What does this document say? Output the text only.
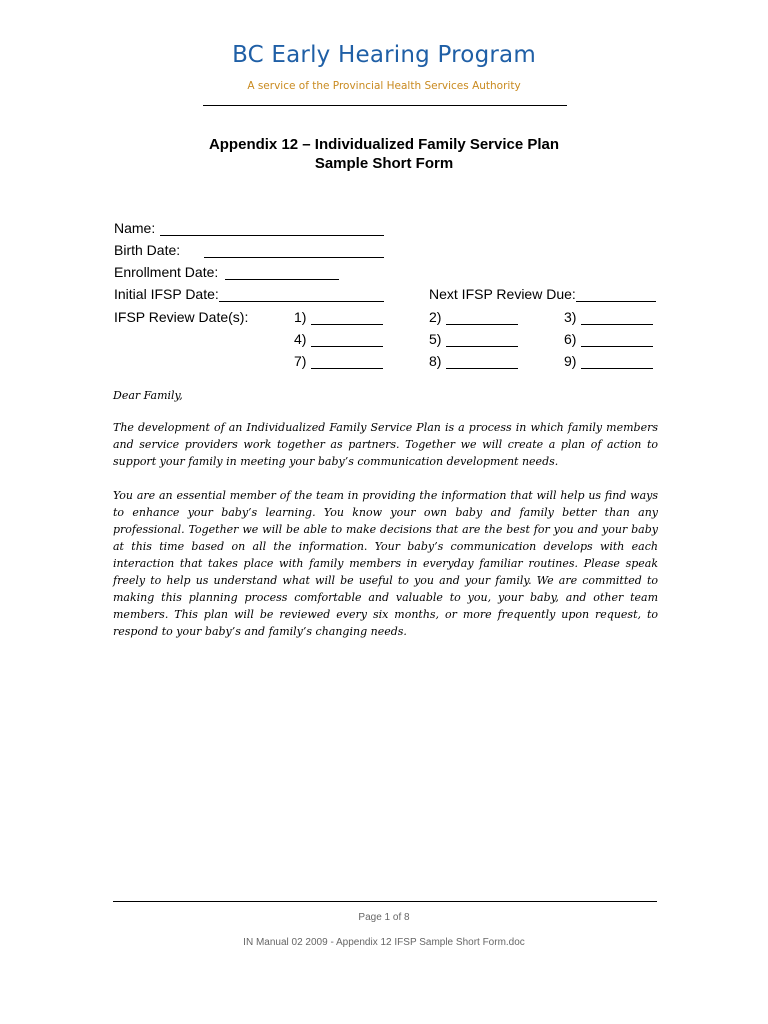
BC Early Hearing Program
A service of the Provincial Health Services Authority
Appendix 12 – Individualized Family Service Plan
Sample Short Form
Name:
Birth Date:
Enrollment Date:
Initial IFSP Date:	Next IFSP Review Due:
IFSP Review Date(s):	1)	2)	3)
4)	5)	6)
7)	8)	9)
Dear Family,
The development of an Individualized Family Service Plan is a process in which family members and service providers work together as partners. Together we will create a plan of action to support your family in meeting your baby’s communication development needs.
You are an essential member of the team in providing the information that will help us find ways to enhance your baby’s learning. You know your own baby and family better than any professional. Together we will be able to make decisions that are the best for you and your baby at this time based on all the information. Your baby’s communication develops with each interaction that takes place with family members in everyday familiar routines. Please speak freely to help us understand what will be useful to you and your family. We are committed to making this planning process comfortable and valuable to you, your baby, and other team members. This plan will be reviewed every six months, or more frequently upon request, to respond to your baby’s and family’s changing needs.
Page 1 of 8
IN Manual 02 2009 - Appendix 12 IFSP Sample Short Form.doc
